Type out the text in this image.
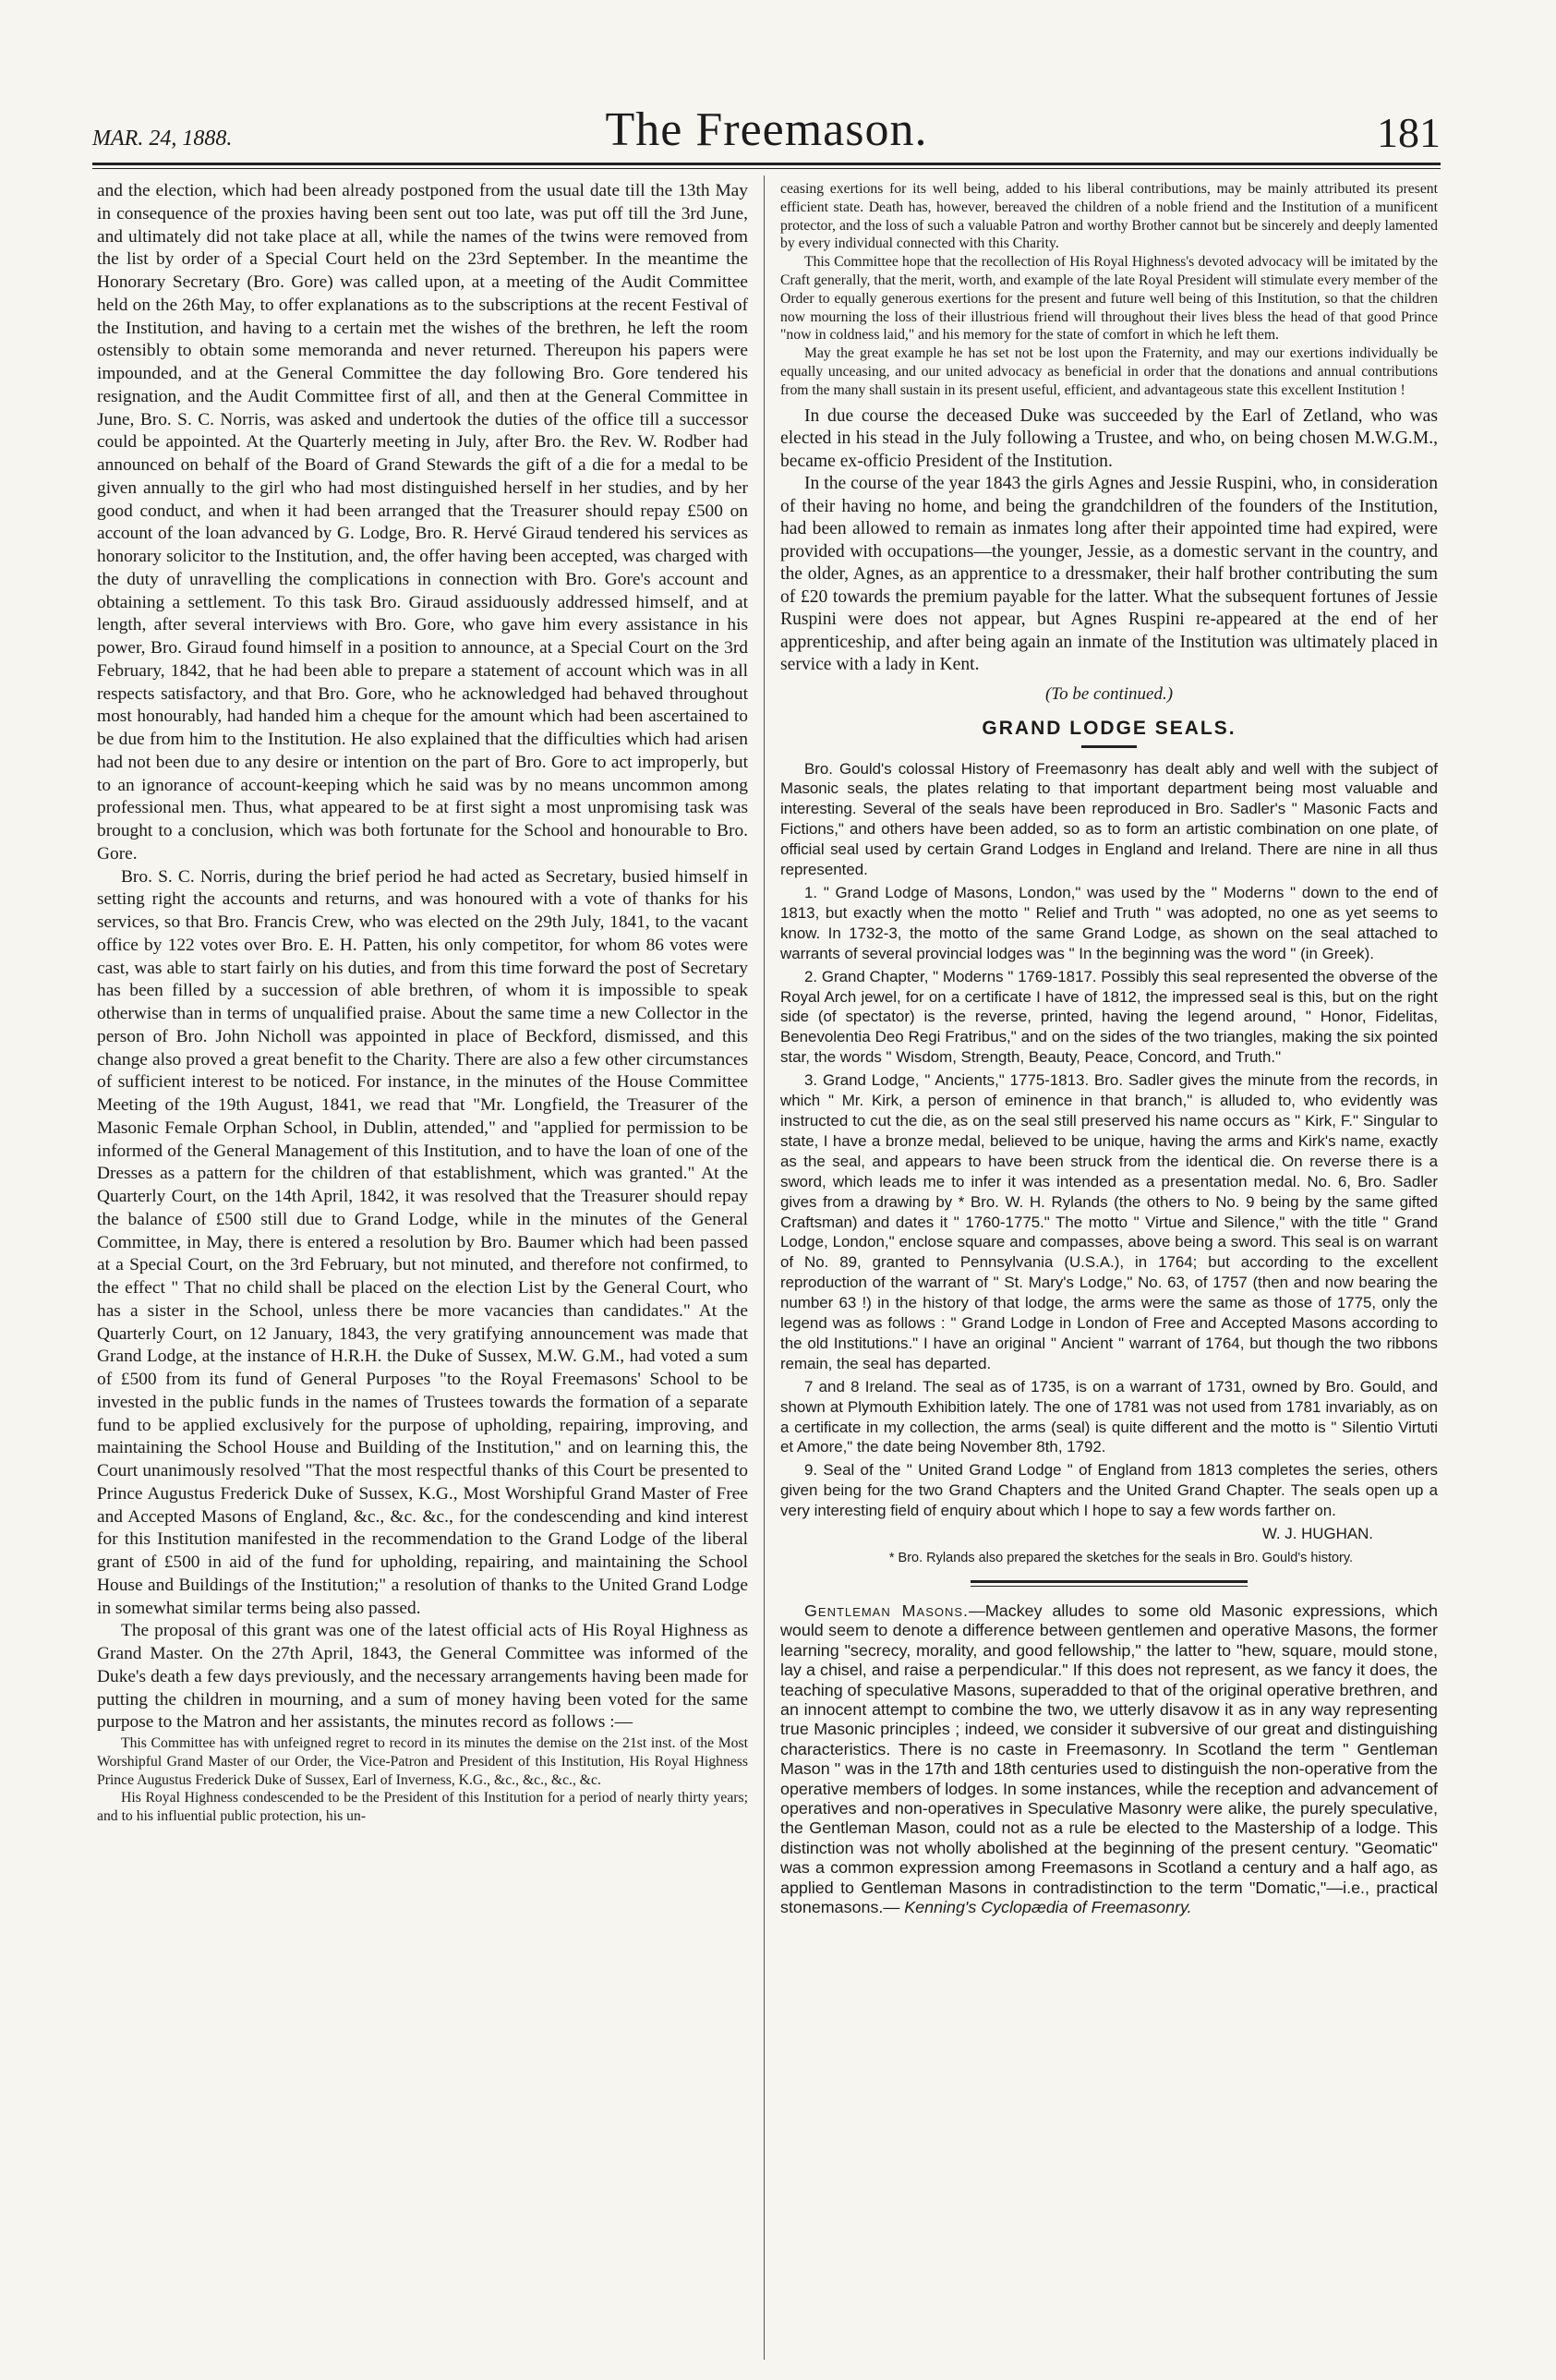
MAR. 24, 1888.	The Freemason.	181

and the election, which had been already postponed from the usual date till the 13th May in consequence of the proxies having been sent out too late, was put off till the 3rd June, and ultimately did not take place at all, while the names of the twins were removed from the list by order of a Special Court held on the 23rd September. In the meantime the Honorary Secretary (Bro. Gore) was called upon, at a meeting of the Audit Committee held on the 26th May, to offer explanations as to the subscriptions at the recent Festival of the Institution, and having to a certain met the wishes of the brethren, he left the room ostensibly to obtain some memoranda and never returned. Thereupon his papers were impounded, and at the General Committee the day following Bro. Gore tendered his resignation, and the Audit Committee first of all, and then at the General Committee in June, Bro. S. C. Norris, was asked and undertook the duties of the office till a successor could be appointed. At the Quarterly meeting in July, after Bro. the Rev. W. Rodber had announced on behalf of the Board of Grand Stewards the gift of a die for a medal to be given annually to the girl who had most distinguished herself in her studies, and by her good conduct, and when it had been arranged that the Treasurer should repay £500 on account of the loan advanced by G. Lodge, Bro. R. Hervé Giraud tendered his services as honorary solicitor to the Institution, and, the offer having been accepted, was charged with the duty of unravelling the complications in connection with Bro. Gore's account and obtaining a settlement. To this task Bro. Giraud assiduously addressed himself, and at length, after several interviews with Bro. Gore, who gave him every assistance in his power, Bro. Giraud found himself in a position to announce, at a Special Court on the 3rd February, 1842, that he had been able to prepare a statement of account which was in all respects satisfactory, and that Bro. Gore, who he acknowledged had behaved throughout most honourably, had handed him a cheque for the amount which had been ascertained to be due from him to the Institution. He also explained that the difficulties which had arisen had not been due to any desire or intention on the part of Bro. Gore to act improperly, but to an ignorance of account-keeping which he said was by no means uncommon among professional men. Thus, what appeared to be at first sight a most unpromising task was brought to a conclusion, which was both fortunate for the School and honourable to Bro. Gore.

Bro. S. C. Norris, during the brief period he had acted as Secretary, busied himself in setting right the accounts and returns, and was honoured with a vote of thanks for his services, so that Bro. Francis Crew, who was elected on the 29th July, 1841, to the vacant office by 122 votes over Bro. E. H. Patten, his only competitor, for whom 86 votes were cast, was able to start fairly on his duties, and from this time forward the post of Secretary has been filled by a succession of able brethren, of whom it is impossible to speak otherwise than in terms of unqualified praise. About the same time a new Collector in the person of Bro. John Nicholl was appointed in place of Beckford, dismissed, and this change also proved a great benefit to the Charity. There are also a few other circumstances of sufficient interest to be noticed. For instance, in the minutes of the House Committee Meeting of the 19th August, 1841, we read that "Mr. Longfield, the Treasurer of the Masonic Female Orphan School, in Dublin, attended," and "applied for permission to be informed of the General Management of this Institution, and to have the loan of one of the Dresses as a pattern for the children of that establishment, which was granted." At the Quarterly Court, on the 14th April, 1842, it was resolved that the Treasurer should repay the balance of £500 still due to Grand Lodge, while in the minutes of the General Committee, in May, there is entered a resolution by Bro. Baumer which had been passed at a Special Court, on the 3rd February, but not minuted, and therefore not confirmed, to the effect " That no child shall be placed on the election List by the General Court, who has a sister in the School, unless there be more vacancies than candidates." At the Quarterly Court, on 12 January, 1843, the very gratifying announcement was made that Grand Lodge, at the instance of H.R.H. the Duke of Sussex, M.W. G.M., had voted a sum of £500 from its fund of General Purposes "to the Royal Freemasons' School to be invested in the public funds in the names of Trustees towards the formation of a separate fund to be applied exclusively for the purpose of upholding, repairing, improving, and maintaining the School House and Building of the Institution," and on learning this, the Court unanimously resolved "That the most respectful thanks of this Court be presented to Prince Augustus Frederick Duke of Sussex, K.G., Most Worshipful Grand Master of Free and Accepted Masons of England, &c., &c. &c., for the condescending and kind interest for this Institution manifested in the recommendation to the Grand Lodge of the liberal grant of £500 in aid of the fund for upholding, repairing, and maintaining the School House and Buildings of the Institution;" a resolution of thanks to the United Grand Lodge in somewhat similar terms being also passed.

The proposal of this grant was one of the latest official acts of His Royal Highness as Grand Master. On the 27th April, 1843, the General Committee was informed of the Duke's death a few days previously, and the necessary arrangements having been made for putting the children in mourning, and a sum of money having been voted for the same purpose to the Matron and her assistants, the minutes record as follows :—

This Committee has with unfeigned regret to record in its minutes the demise on the 21st inst. of the Most Worshipful Grand Master of our Order, the Vice-Patron and President of this Institution, His Royal Highness Prince Augustus Frederick Duke of Sussex, Earl of Inverness, K.G., &c., &c., &c., &c.

His Royal Highness condescended to be the President of this Institution for a period of nearly thirty years; and to his influential public protection, his un-

ceasing exertions for its well being, added to his liberal contributions, may be mainly attributed its present efficient state. Death has, however, bereaved the children of a noble friend and the Institution of a munificent protector, and the loss of such a valuable Patron and worthy Brother cannot but be sincerely and deeply lamented by every individual connected with this Charity.

This Committee hope that the recollection of His Royal Highness's devoted advocacy will be imitated by the Craft generally, that the merit, worth, and example of the late Royal President will stimulate every member of the Order to equally generous exertions for the present and future well being of this Institution, so that the children now mourning the loss of their illustrious friend will throughout their lives bless the head of that good Prince "now in coldness laid," and his memory for the state of comfort in which he left them.

May the great example he has set not be lost upon the Fraternity, and may our exertions individually be equally unceasing, and our united advocacy as beneficial in order that the donations and annual contributions from the many shall sustain in its present useful, efficient, and advantageous state this excellent Institution !

In due course the deceased Duke was succeeded by the Earl of Zetland, who was elected in his stead in the July following a Trustee, and who, on being chosen M.W.G.M., became ex-officio President of the Institution.

In the course of the year 1843 the girls Agnes and Jessie Ruspini, who, in consideration of their having no home, and being the grandchildren of the founders of the Institution, had been allowed to remain as inmates long after their appointed time had expired, were provided with occupations—the younger, Jessie, as a domestic servant in the country, and the older, Agnes, as an apprentice to a dressmaker, their half brother contributing the sum of £20 towards the premium payable for the latter. What the subsequent fortunes of Jessie Ruspini were does not appear, but Agnes Ruspini re-appeared at the end of her apprenticeship, and after being again an inmate of the Institution was ultimately placed in service with a lady in Kent.

(To be continued.)
GRAND LODGE SEALS.

Bro. Gould's colossal History of Freemasonry has dealt ably and well with the subject of Masonic seals, the plates relating to that important department being most valuable and interesting. Several of the seals have been reproduced in Bro. Sadler's " Masonic Facts and Fictions," and others have been added, so as to form an artistic combination on one plate, of official seal used by certain Grand Lodges in England and Ireland. There are nine in all thus represented.

1. " Grand Lodge of Masons, London," was used by the " Moderns " down to the end of 1813, but exactly when the motto " Relief and Truth " was adopted, no one as yet seems to know. In 1732-3, the motto of the same Grand Lodge, as shown on the seal attached to warrants of several provincial lodges was " In the beginning was the word " (in Greek).

2. Grand Chapter, " Moderns " 1769-1817. Possibly this seal represented the obverse of the Royal Arch jewel, for on a certificate I have of 1812, the impressed seal is this, but on the right side (of spectator) is the reverse, printed, having the legend around, " Honor, Fidelitas, Benevolentia Deo Regi Fratribus," and on the sides of the two triangles, making the six pointed star, the words " Wisdom, Strength, Beauty, Peace, Concord, and Truth."

3. Grand Lodge, " Ancients," 1775-1813. Bro. Sadler gives the minute from the records, in which " Mr. Kirk, a person of eminence in that branch," is alluded to, who evidently was instructed to cut the die, as on the seal still preserved his name occurs as " Kirk, F." Singular to state, I have a bronze medal, believed to be unique, having the arms and Kirk's name, exactly as the seal, and appears to have been struck from the identical die. On reverse there is a sword, which leads me to infer it was intended as a presentation medal. No. 6, Bro. Sadler gives from a drawing by * Bro. W. H. Rylands (the others to No. 9 being by the same gifted Craftsman) and dates it " 1760-1775." The motto " Virtue and Silence," with the title " Grand Lodge, London," enclose square and compasses, above being a sword. This seal is on warrant of No. 89, granted to Pennsylvania (U.S.A.), in 1764; but according to the excellent reproduction of the warrant of " St. Mary's Lodge," No. 63, of 1757 (then and now bearing the number 63 !) in the history of that lodge, the arms were the same as those of 1775, only the legend was as follows : " Grand Lodge in London of Free and Accepted Masons according to the old Institutions." I have an original " Ancient " warrant of 1764, but though the two ribbons remain, the seal has departed.

7 and 8 Ireland. The seal as of 1735, is on a warrant of 1731, owned by Bro. Gould, and shown at Plymouth Exhibition lately. The one of 1781 was not used from 1781 invariably, as on a certificate in my collection, the arms (seal) is quite different and the motto is " Silentio Virtuti et Amore," the date being November 8th, 1792.

9. Seal of the " United Grand Lodge " of England from 1813 completes the series, others given being for the two Grand Chapters and the United Grand Chapter. The seals open up a very interesting field of enquiry about which I hope to say a few words farther on.

W. J. HUGHAN.

* Bro. Rylands also prepared the sketches for the seals in Bro. Gould's history.

Gentleman Masons.—Mackey alludes to some old Masonic expressions, which would seem to denote a difference between gentlemen and operative Masons, the former learning "secrecy, morality, and good fellowship," the latter to "hew, square, mould stone, lay a chisel, and raise a perpendicular." If this does not represent, as we fancy it does, the teaching of speculative Masons, superadded to that of the original operative brethren, and an innocent attempt to combine the two, we utterly disavow it as in any way representing true Masonic principles ; indeed, we consider it subversive of our great and distinguishing characteristics. There is no caste in Freemasonry. In Scotland the term " Gentleman Mason " was in the 17th and 18th centuries used to distinguish the non-operative from the operative members of lodges. In some instances, while the reception and advancement of operatives and non-operatives in Speculative Masonry were alike, the purely speculative, the Gentleman Mason, could not as a rule be elected to the Mastership of a lodge. This distinction was not wholly abolished at the beginning of the present century. "Geomatic" was a common expression among Freemasons in Scotland a century and a half ago, as applied to Gentleman Masons in contradistinction to the term "Domatic,"—i.e., practical stonemasons.— Kenning's Cyclopædia of Freemasonry.
